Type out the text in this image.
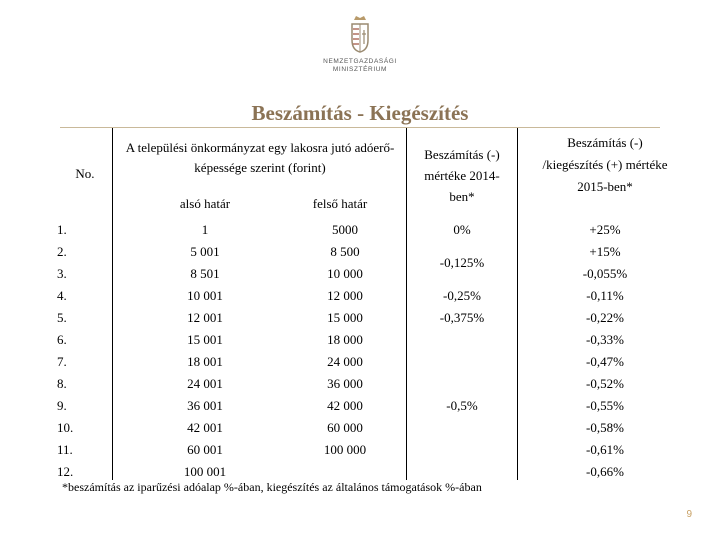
NEMZETGAZDASÁGI
MINISZTÉRIUM
Beszámítás - Kiegészítés
No.
A települési önkormányzat egy lakosra jutó adóerő-képessége szerint (forint)
alsó határ	felső határ
Beszámítás (-) mértéke 2014-ben*
Beszámítás (-) /kiegészítés (+) mértéke 2015-ben*
1.
2.
3.
4.
5.
6.
7.
8.
9.
10.
11.
12.
1
5 001
8 501
10 001
12 001
15 001
18 001
24 001
36 001
42 001
60 001
100 001
5000
8 500
10 000
12 000
15 000
18 000
24 000
36 000
42 000
60 000
100 000
0%
-0,125%
-0,25%
-0,375%
-0,5%
+25%
+15%
-0,055%
-0,11%
-0,22%
-0,33%
-0,47%
-0,52%
-0,55%
-0,58%
-0,61%
-0,66%
*beszámítás az iparűzési adóalap %-ában, kiegészítés az általános támogatások %-ában
9
